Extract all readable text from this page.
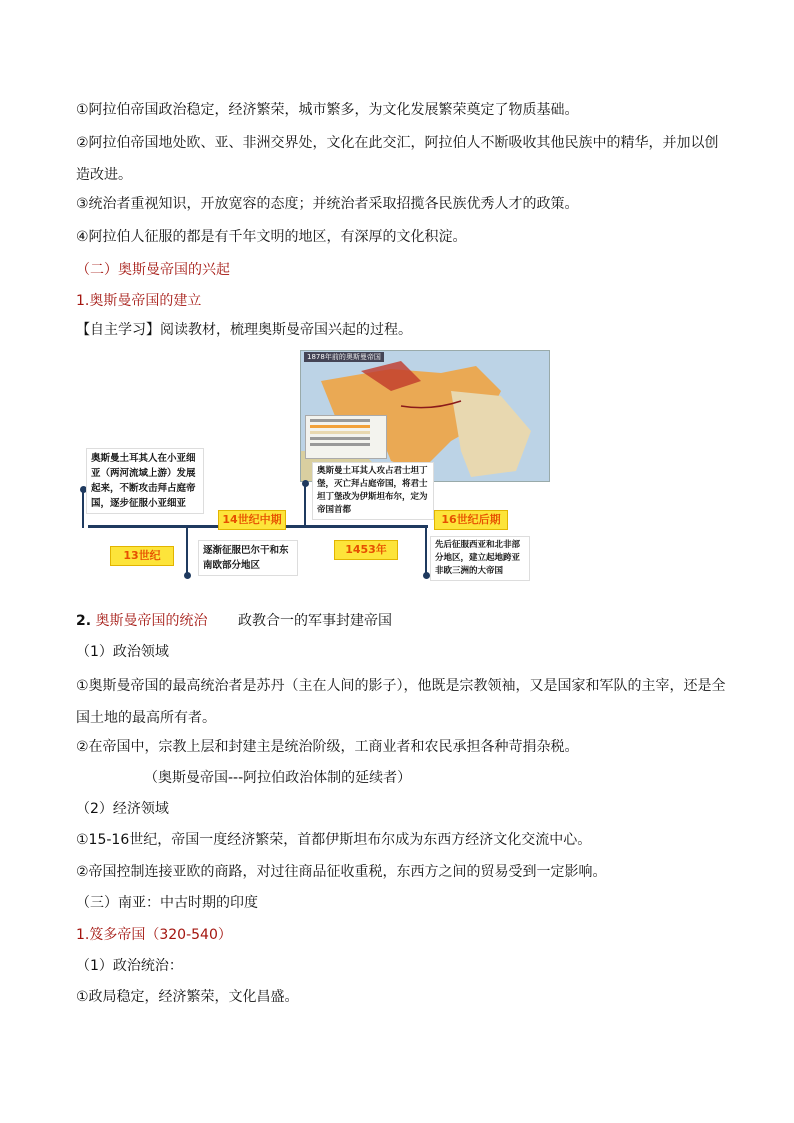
①阿拉伯帝国政治稳定，经济繁荣，城市繁多，为文化发展繁荣奠定了物质基础。
②阿拉伯帝国地处欧、亚、非洲交界处，文化在此交汇，阿拉伯人不断吸收其他民族中的精华，并加以创造改进。
③统治者重视知识，开放宽容的态度；并统治者采取招揽各民族优秀人才的政策。
④阿拉伯人征服的都是有千年文明的地区，有深厚的文化积淀。
（二）奥斯曼帝国的兴起
1.奥斯曼帝国的建立
【自主学习】阅读教材，梳理奥斯曼帝国兴起的过程。
1878年前的奥斯曼帝国
奥斯曼土耳其人在小亚细亚（两河流域上游）发展起来，不断攻击拜占庭帝国，逐步征服小亚细亚
逐渐征服巴尔干和东南欧部分地区
奥斯曼土耳其人攻占君士坦丁堡，灭亡拜占庭帝国，将君士坦丁堡改为伊斯坦布尔，定为帝国首都
先后征服西亚和北非部分地区，建立起地跨亚非欧三洲的大帝国
13世纪
14世纪中期
1453年
16世纪后期
2. 奥斯曼帝国的统治 政教合一的军事封建帝国
（1）政治领域
①奥斯曼帝国的最高统治者是苏丹（主在人间的影子），他既是宗教领袖，又是国家和军队的主宰，还是全国土地的最高所有者。
②在帝国中，宗教上层和封建主是统治阶级，工商业者和农民承担各种苛捐杂税。
（奥斯曼帝国---阿拉伯政治体制的延续者）
（2）经济领域
①15-16世纪，帝国一度经济繁荣，首都伊斯坦布尔成为东西方经济文化交流中心。
②帝国控制连接亚欧的商路，对过往商品征收重税，东西方之间的贸易受到一定影响。
（三）南亚：中古时期的印度
1.笈多帝国（320-540）
（1）政治统治：
①政局稳定，经济繁荣，文化昌盛。
